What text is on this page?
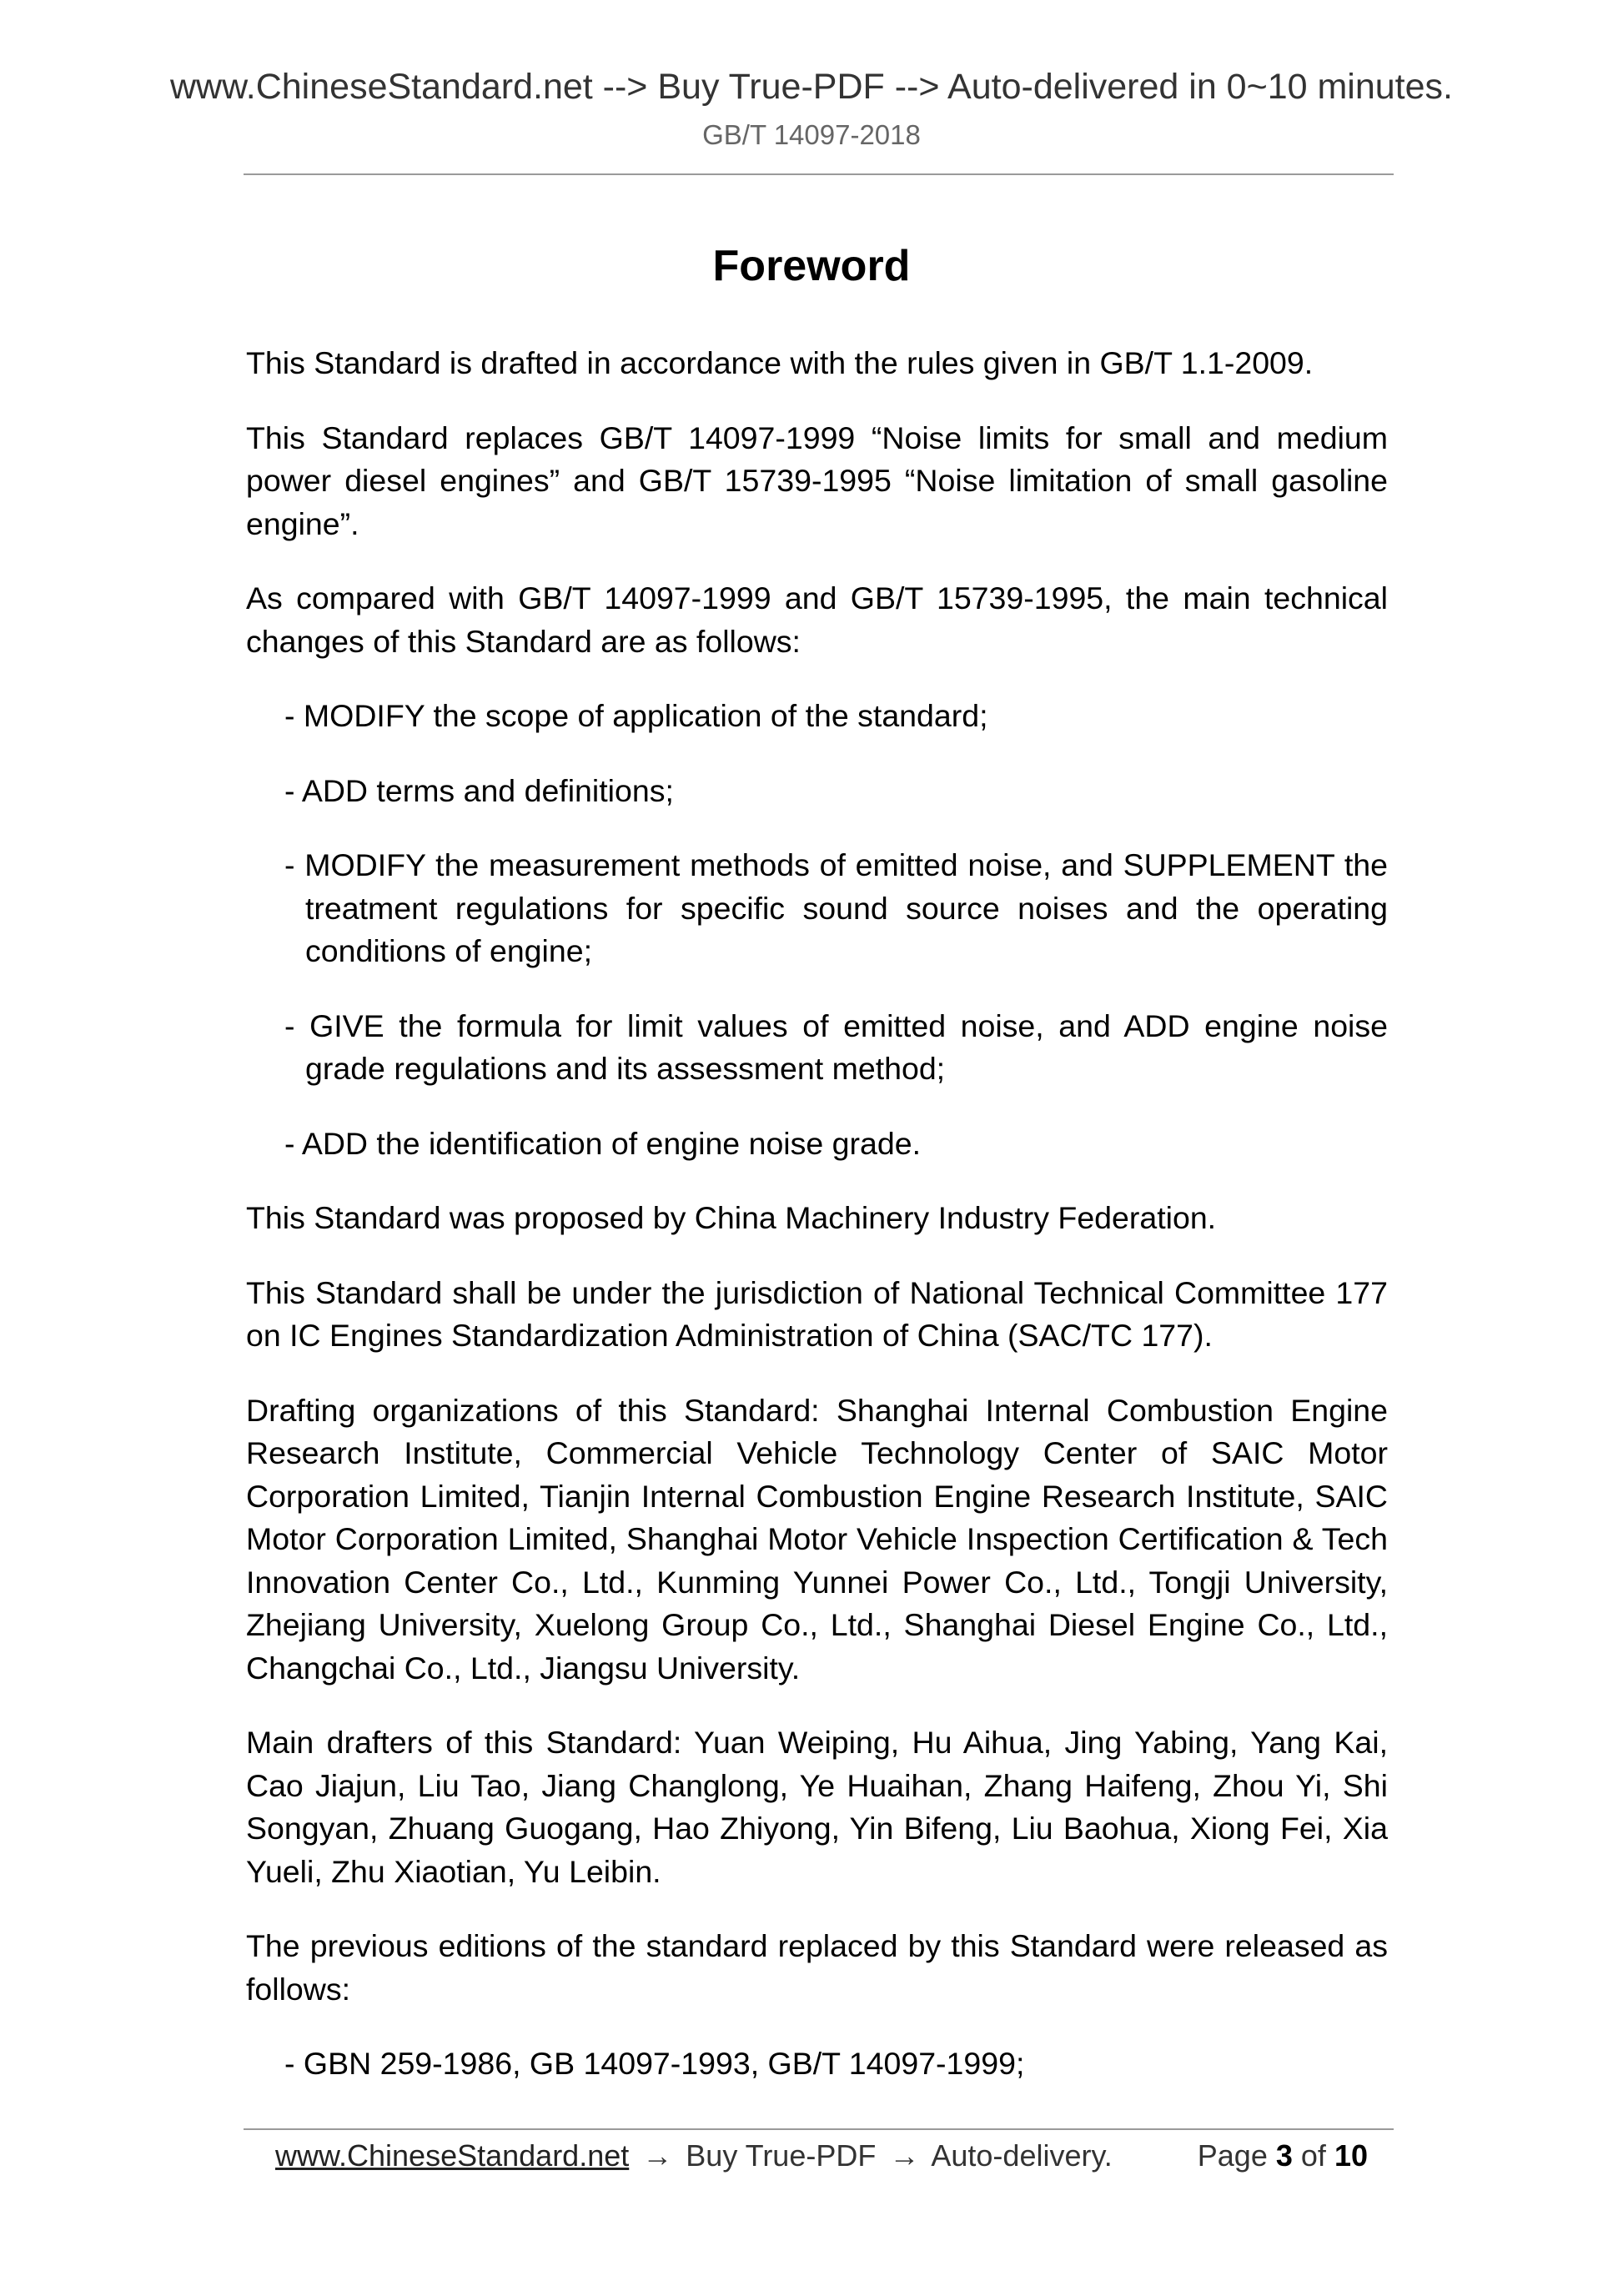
www.ChineseStandard.net --> Buy True-PDF --> Auto-delivered in 0~10 minutes.
GB/T 14097-2018
Foreword

This Standard is drafted in accordance with the rules given in GB/T 1.1-2009.

This Standard replaces GB/T 14097-1999 “Noise limits for small and medium power diesel engines” and GB/T 15739-1995 “Noise limitation of small gasoline engine”.

As compared with GB/T 14097-1999 and GB/T 15739-1995, the main technical changes of this Standard are as follows:

- MODIFY the scope of application of the standard;
- ADD terms and definitions;
- MODIFY the measurement methods of emitted noise, and SUPPLEMENT the treatment regulations for specific sound source noises and the operating conditions of engine;
- GIVE the formula for limit values of emitted noise, and ADD engine noise grade regulations and its assessment method;
- ADD the identification of engine noise grade.

This Standard was proposed by China Machinery Industry Federation.

This Standard shall be under the jurisdiction of National Technical Committee 177 on IC Engines Standardization Administration of China (SAC/TC 177).

Drafting organizations of this Standard: Shanghai Internal Combustion Engine Research Institute, Commercial Vehicle Technology Center of SAIC Motor Corporation Limited, Tianjin Internal Combustion Engine Research Institute, SAIC Motor Corporation Limited, Shanghai Motor Vehicle Inspection Certification & Tech Innovation Center Co., Ltd., Kunming Yunnei Power Co., Ltd., Tongji University, Zhejiang University, Xuelong Group Co., Ltd., Shanghai Diesel Engine Co., Ltd., Changchai Co., Ltd., Jiangsu University.

Main drafters of this Standard: Yuan Weiping, Hu Aihua, Jing Yabing, Yang Kai, Cao Jiajun, Liu Tao, Jiang Changlong, Ye Huaihan, Zhang Haifeng, Zhou Yi, Shi Songyan, Zhuang Guogang, Hao Zhiyong, Yin Bifeng, Liu Baohua, Xiong Fei, Xia Yueli, Zhu Xiaotian, Yu Leibin.

The previous editions of the standard replaced by this Standard were released as follows:

- GBN 259-1986, GB 14097-1993, GB/T 14097-1999;
www.ChineseStandard.net → Buy True-PDF → Auto-delivery.	Page 3 of 10
